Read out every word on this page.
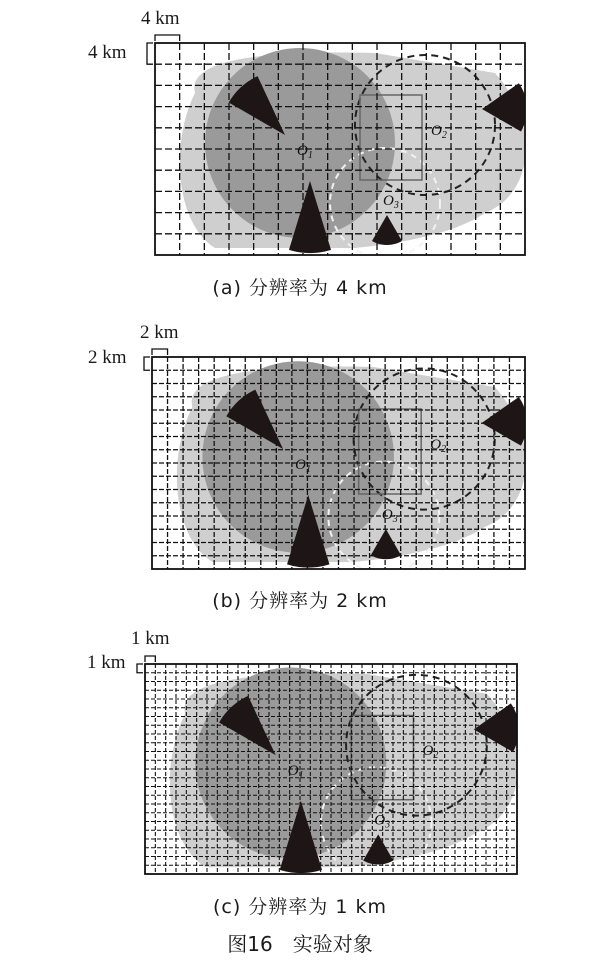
4 km
4 km
2 km
2 km
1 km
1 km
$O_1$
$O_2$
$O_3$
$O_1$
$O_2$
$O_3$
$O_1$
$O_2$
$O_3$
(a) 分辨率为 4 km
(b) 分辨率为 2 km
(c) 分辨率为 1 km
图16　实验对象
